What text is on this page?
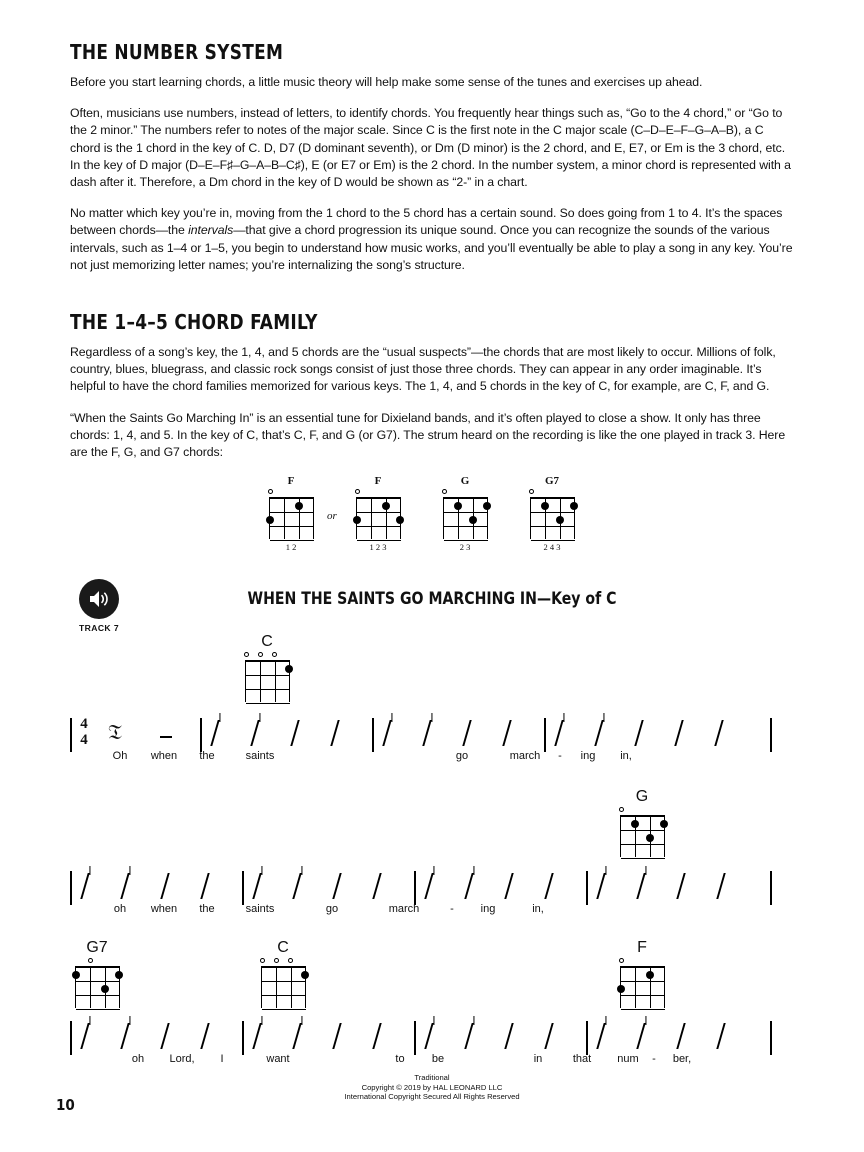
THE NUMBER SYSTEM

Before you start learning chords, a little music theory will help make some sense of the tunes and exercises up ahead.

Often, musicians use numbers, instead of letters, to identify chords. You frequently hear things such as, “Go to the 4 chord,” or “Go to the 2 minor.” The numbers refer to notes of the major scale. Since C is the first note in the C major scale (C–D–E–F–G–A–B), a C chord is the 1 chord in the key of C. D, D7 (D dominant seventh), or Dm (D minor) is the 2 chord, and E, E7, or Em is the 3 chord, etc. In the key of D major (D–E–F♯–G–A–B–C♯), E (or E7 or Em) is the 2 chord. In the number system, a minor chord is represented with a dash after it. Therefore, a Dm chord in the key of D would be shown as “2-” in a chart.

No matter which key you’re in, moving from the 1 chord to the 5 chord has a certain sound. So does going from 1 to 4. It’s the spaces between chords—the intervals—that give a chord progression its unique sound. Once you can recognize the sounds of the various intervals, such as 1–4 or 1–5, you begin to understand how music works, and you’ll eventually be able to play a song in any key. You’re not just memorizing letter names; you’re internalizing the song’s structure.

THE 1–4–5 CHORD FAMILY

Regardless of a song’s key, the 1, 4, and 5 chords are the “usual suspects”—the chords that are most likely to occur. Millions of folk, country, blues, bluegrass, and classic rock songs consist of just those three chords. They can appear in any order imaginable. It’s helpful to have the chord families memorized for various keys. The 1, 4, and 5 chords in the key of C, for example, are C, F, and G.

“When the Saints Go Marching In” is an essential tune for Dixieland bands, and it’s often played to close a show. It only has three chords: 1, 4, and 5. In the key of C, that’s C, F, and G (or G7). The strum heard on the recording is like the one played in track 3. Here are the F, G, and G7 chords:

F
1 2
or
F
1 2 3
G
2 3
G7
2 4 3
TRACK 7
WHEN THE SAINTS GO MARCHING IN—Key of C
C
4
4 𝔗
Oh when the	saints	go	march - ing in,
G
oh when the	saints	go	march	- ing	in,
G7	C	F
oh Lord, I	want	to be	in	that num - ber,
Traditional
Copyright © 2019 by HAL LEONARD LLC
International Copyright Secured All Rights Reserved
10
